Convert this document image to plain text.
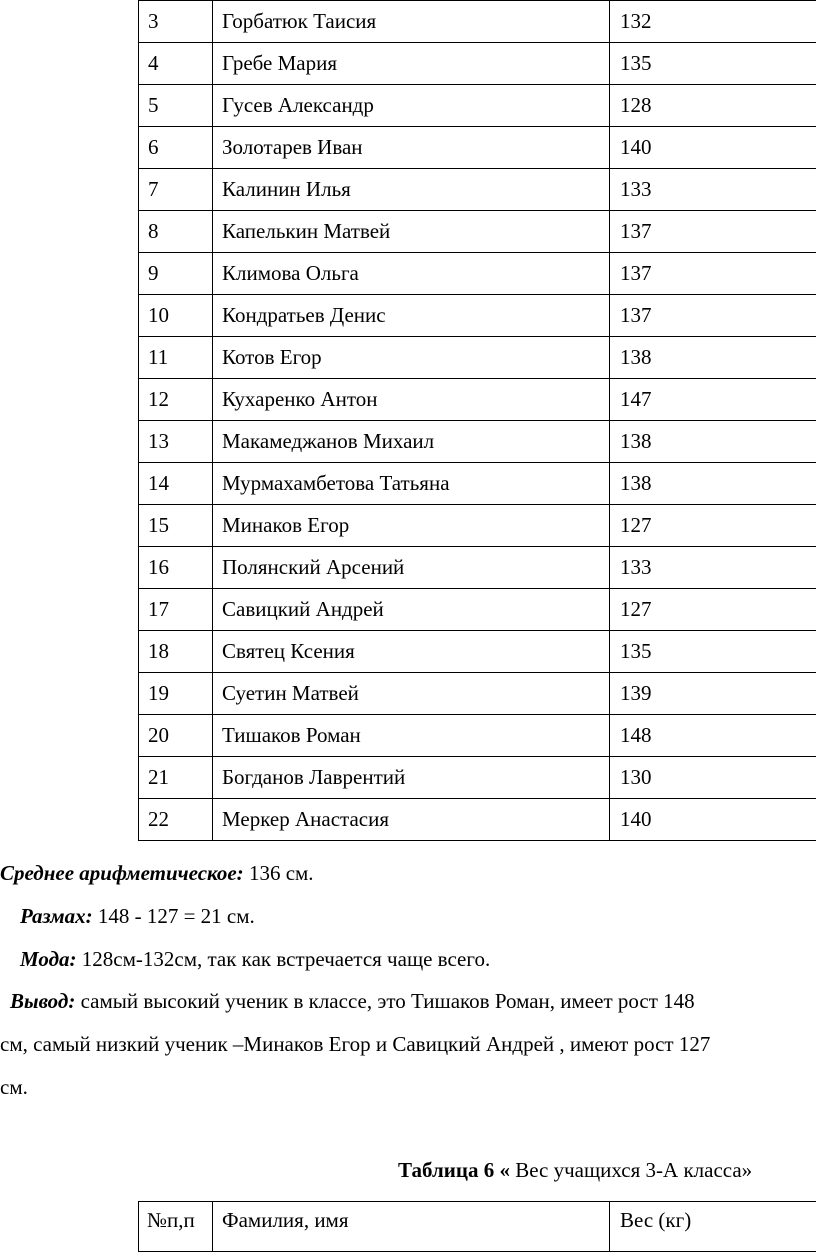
3	Горбатюк Таисия	132
4	Гребе Мария	135
5	Гусев Александр	128
6	Золотарев Иван	140
7	Калинин Илья	133
8	Капелькин Матвей	137
9	Климова Ольга	137
10	Кондратьев Денис	137
11	Котов Егор	138
12	Кухаренко Антон	147
13	Макамеджанов Михаил	138
14	Мурмахамбетова Татьяна	138
15	Минаков Егор	127
16	Полянский Арсений	133
17	Савицкий Андрей	127
18	Святец Ксения	135
19	Суетин Матвей	139
20	Тишаков Роман	148
21	Богданов Лаврентий	130
22	Меркер Анастасия	140
Среднее арифметическое: 136 см.
Размах: 148 - 127 = 21 см.
Мода: 128см-132см, так как встречается чаще всего.
Вывод: самый высокий ученик в классе, это Тишаков Роман, имеет рост 148
см, самый низкий ученик –Минаков Егор и Савицкий Андрей , имеют рост 127
см.
Таблица 6 « Вес учащихся 3-А класса»
№п,п	Фамилия, имя	Вес (кг)
